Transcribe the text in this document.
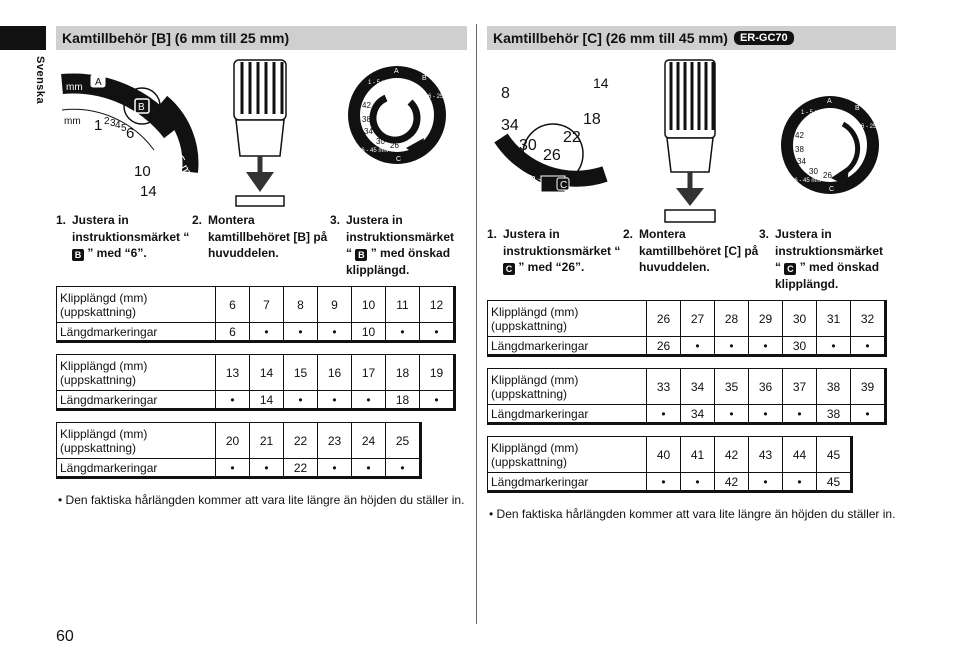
Svenska
60
Kamtillbehör [B] (6 mm till 25 mm)
mm A
B
mm 1 2 3 4 5 6 6 - 25 mm
10
14
1 - 5 mm
A
B
6 - 25 mm
42
38
34
30 26
26 - 45 mm
C
1. Justera in instruktionsmärket “ B ” med “6”.
2. Montera kamtillbehöret [B] på huvuddelen.
3. Justera in instruktionsmärket “ B ” med önskad klipplängd.
Klipplängd (mm) (uppskattning)	6	7	8	9	10	11	12
Längdmarkeringar	6	•	•	•	10	•	•

Klipplängd (mm) (uppskattning)	13	14	15	16	17	18	19
Längdmarkeringar	•	14	•	•	•	18	•

Klipplängd (mm) (uppskattning)	20	21	22	23	24	25
Längdmarkeringar	•	•	22	•	•	•
• Den faktiska hårlängden kommer att vara lite längre än höjden du ställer in.
Kamtillbehör [C] (26 mm till 45 mm)	ER-GC70
8
14
18
22
34
30
26
45 mm
C
1 - 5 mm
A
B
6 - 25 mm
42
38
34
30 26
26 - 45 mm
C
1. Justera in instruktionsmärket “ C ” med “26”.
2. Montera kamtillbehöret [C] på huvuddelen.
3. Justera in instruktionsmärket “ C ” med önskad klipplängd.
Klipplängd (mm) (uppskattning)	26	27	28	29	30	31	32
Längdmarkeringar	26	•	•	•	30	•	•

Klipplängd (mm) (uppskattning)	33	34	35	36	37	38	39
Längdmarkeringar	•	34	•	•	•	38	•

Klipplängd (mm) (uppskattning)	40	41	42	43	44	45
Längdmarkeringar	•	•	42	•	•	45
• Den faktiska hårlängden kommer att vara lite längre än höjden du ställer in.
